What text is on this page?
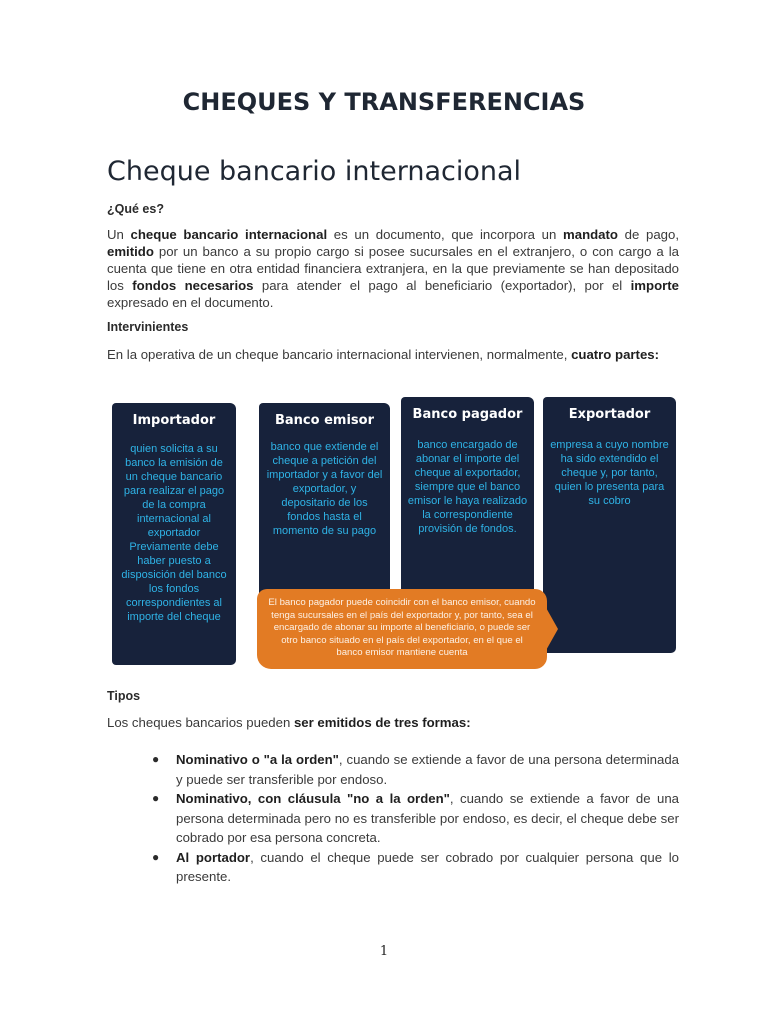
CHEQUES Y TRANSFERENCIAS
Cheque bancario internacional
¿Qué es?
Un cheque bancario internacional es un documento, que incorpora un mandato de pago, emitido por un banco a su propio cargo si posee sucursales en el extranjero, o con cargo a la cuenta que tiene en otra entidad financiera extranjera, en la que previamente se han depositado los fondos necesarios para atender el pago al beneficiario (exportador), por el importe expresado en el documento.
Intervinientes
En la operativa de un cheque bancario internacional intervienen, normalmente, cuatro partes:
Importador
quien solicita a su banco la emisión de un cheque bancario para realizar el pago de la compra internacional al exportador Previamente debe haber puesto a disposición del banco los fondos correspondientes al importe del cheque
Banco emisor
banco que extiende el cheque a petición del importador y a favor del exportador, y depositario de los fondos hasta el momento de su pago
Banco pagador
banco encargado de abonar el importe del cheque al exportador, siempre que el banco emisor le haya realizado la correspondiente provisión de fondos.
Exportador
empresa a cuyo nombre ha sido extendido el cheque y, por tanto, quien lo presenta para su cobro
El banco pagador puede coincidir con el banco emisor, cuando tenga sucursales en el país del exportador y, por tanto, sea el encargado de abonar su importe al beneficiario, o puede ser otro banco situado en el país del exportador, en el que el banco emisor mantiene cuenta
Tipos
Los cheques bancarios pueden ser emitidos de tres formas:
● Nominativo o "a la orden", cuando se extiende a favor de una persona determinada y puede ser transferible por endoso.
● Nominativo, con cláusula "no a la orden", cuando se extiende a favor de una persona determinada pero no es transferible por endoso, es decir, el cheque debe ser cobrado por esa persona concreta.
● Al portador, cuando el cheque puede ser cobrado por cualquier persona que lo presente.
1
